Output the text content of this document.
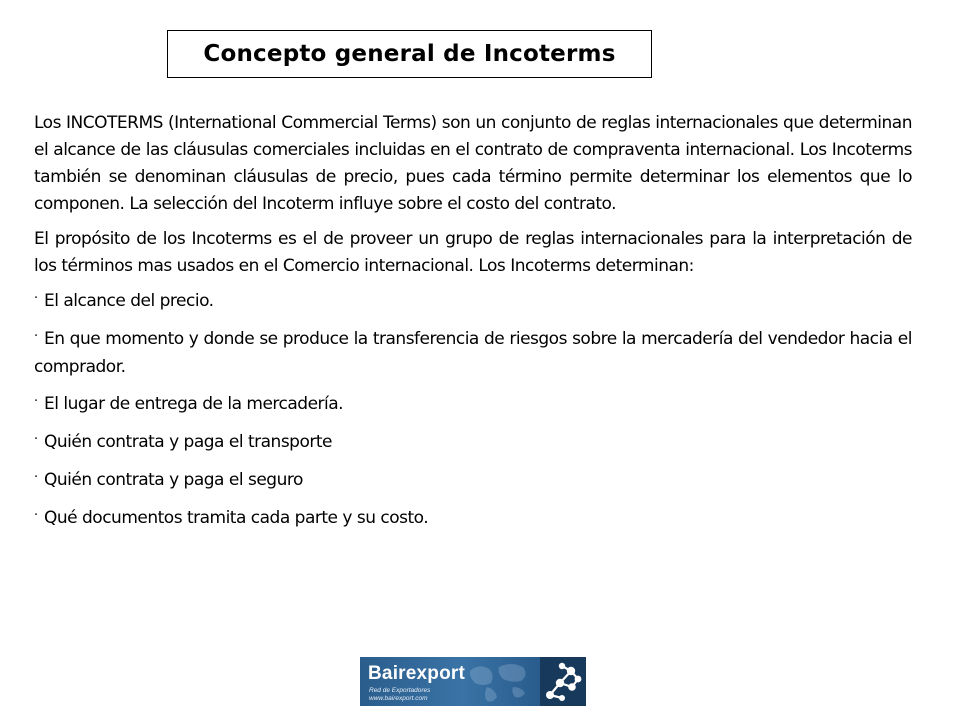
Concepto general de Incoterms

Los INCOTERMS (International Commercial Terms) son un conjunto de reglas internacionales que determinan el alcance de las cláusulas comerciales incluidas en el contrato de compraventa internacional. Los Incoterms también se denominan cláusulas de precio, pues cada término permite determinar los elementos que lo componen. La selección del Incoterm influye sobre el costo del contrato.

El propósito de los Incoterms es el de proveer un grupo de reglas internacionales para la interpretación de los términos mas usados en el Comercio internacional. Los Incoterms determinan:

· El alcance del precio.

· En que momento y donde se produce la transferencia de riesgos sobre la mercadería del vendedor hacia el comprador.

· El lugar de entrega de la mercadería.

· Quién contrata y paga el transporte

· Quién contrata y paga el seguro

· Qué documentos tramita cada parte y su costo.

Bairexport
Red de Exportadores
www.bairexport.com
